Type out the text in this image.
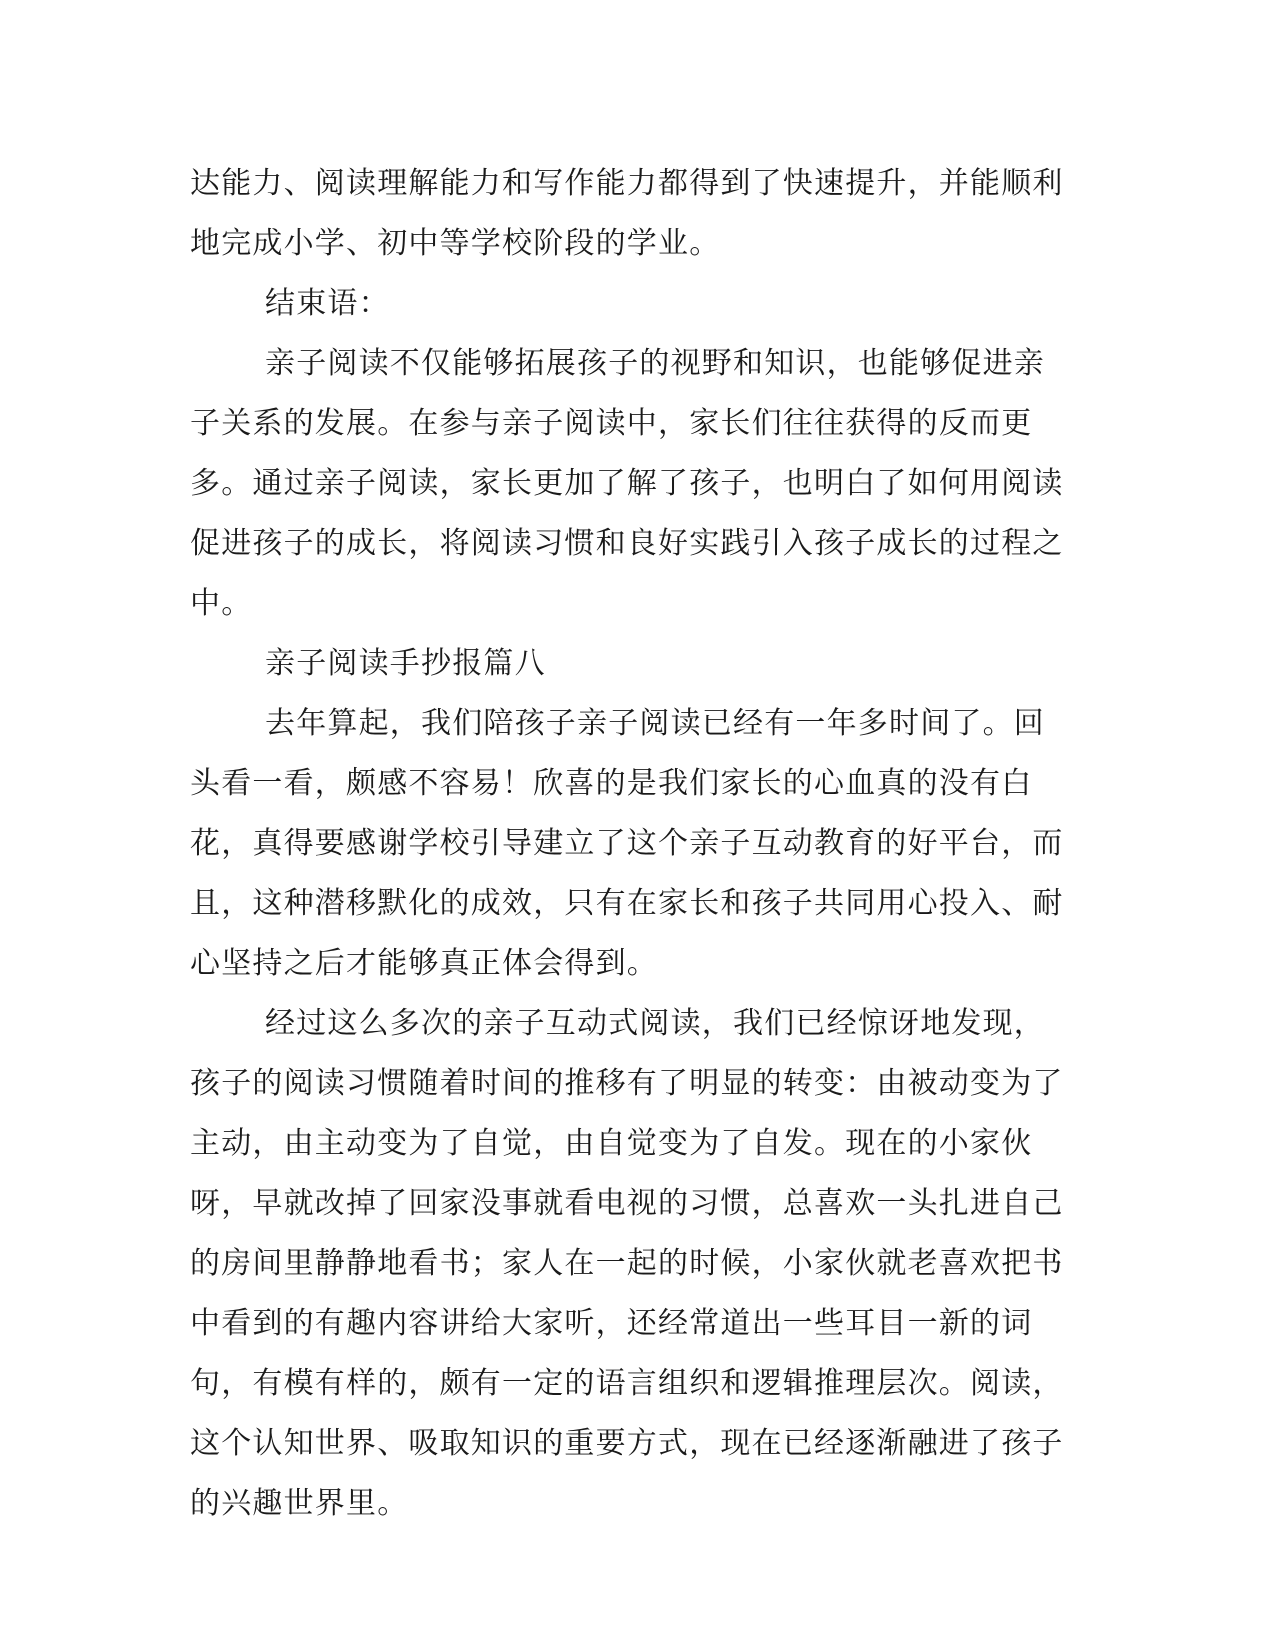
达能力、阅读理解能力和写作能力都得到了快速提升，并能顺利地完成小学、初中等学校阶段的学业。

结束语：

亲子阅读不仅能够拓展孩子的视野和知识，也能够促进亲子关系的发展。在参与亲子阅读中，家长们往往获得的反而更多。通过亲子阅读，家长更加了解了孩子，也明白了如何用阅读促进孩子的成长，将阅读习惯和良好实践引入孩子成长的过程之中。

亲子阅读手抄报篇八

去年算起，我们陪孩子亲子阅读已经有一年多时间了。回头看一看，颇感不容易！欣喜的是我们家长的心血真的没有白花，真得要感谢学校引导建立了这个亲子互动教育的好平台，而且，这种潜移默化的成效，只有在家长和孩子共同用心投入、耐心坚持之后才能够真正体会得到。

经过这么多次的亲子互动式阅读，我们已经惊讶地发现，孩子的阅读习惯随着时间的推移有了明显的转变：由被动变为了主动，由主动变为了自觉，由自觉变为了自发。现在的小家伙呀，早就改掉了回家没事就看电视的习惯，总喜欢一头扎进自己的房间里静静地看书；家人在一起的时候，小家伙就老喜欢把书中看到的有趣内容讲给大家听，还经常道出一些耳目一新的词句，有模有样的，颇有一定的语言组织和逻辑推理层次。阅读，这个认知世界、吸取知识的重要方式，现在已经逐渐融进了孩子的兴趣世界里。
